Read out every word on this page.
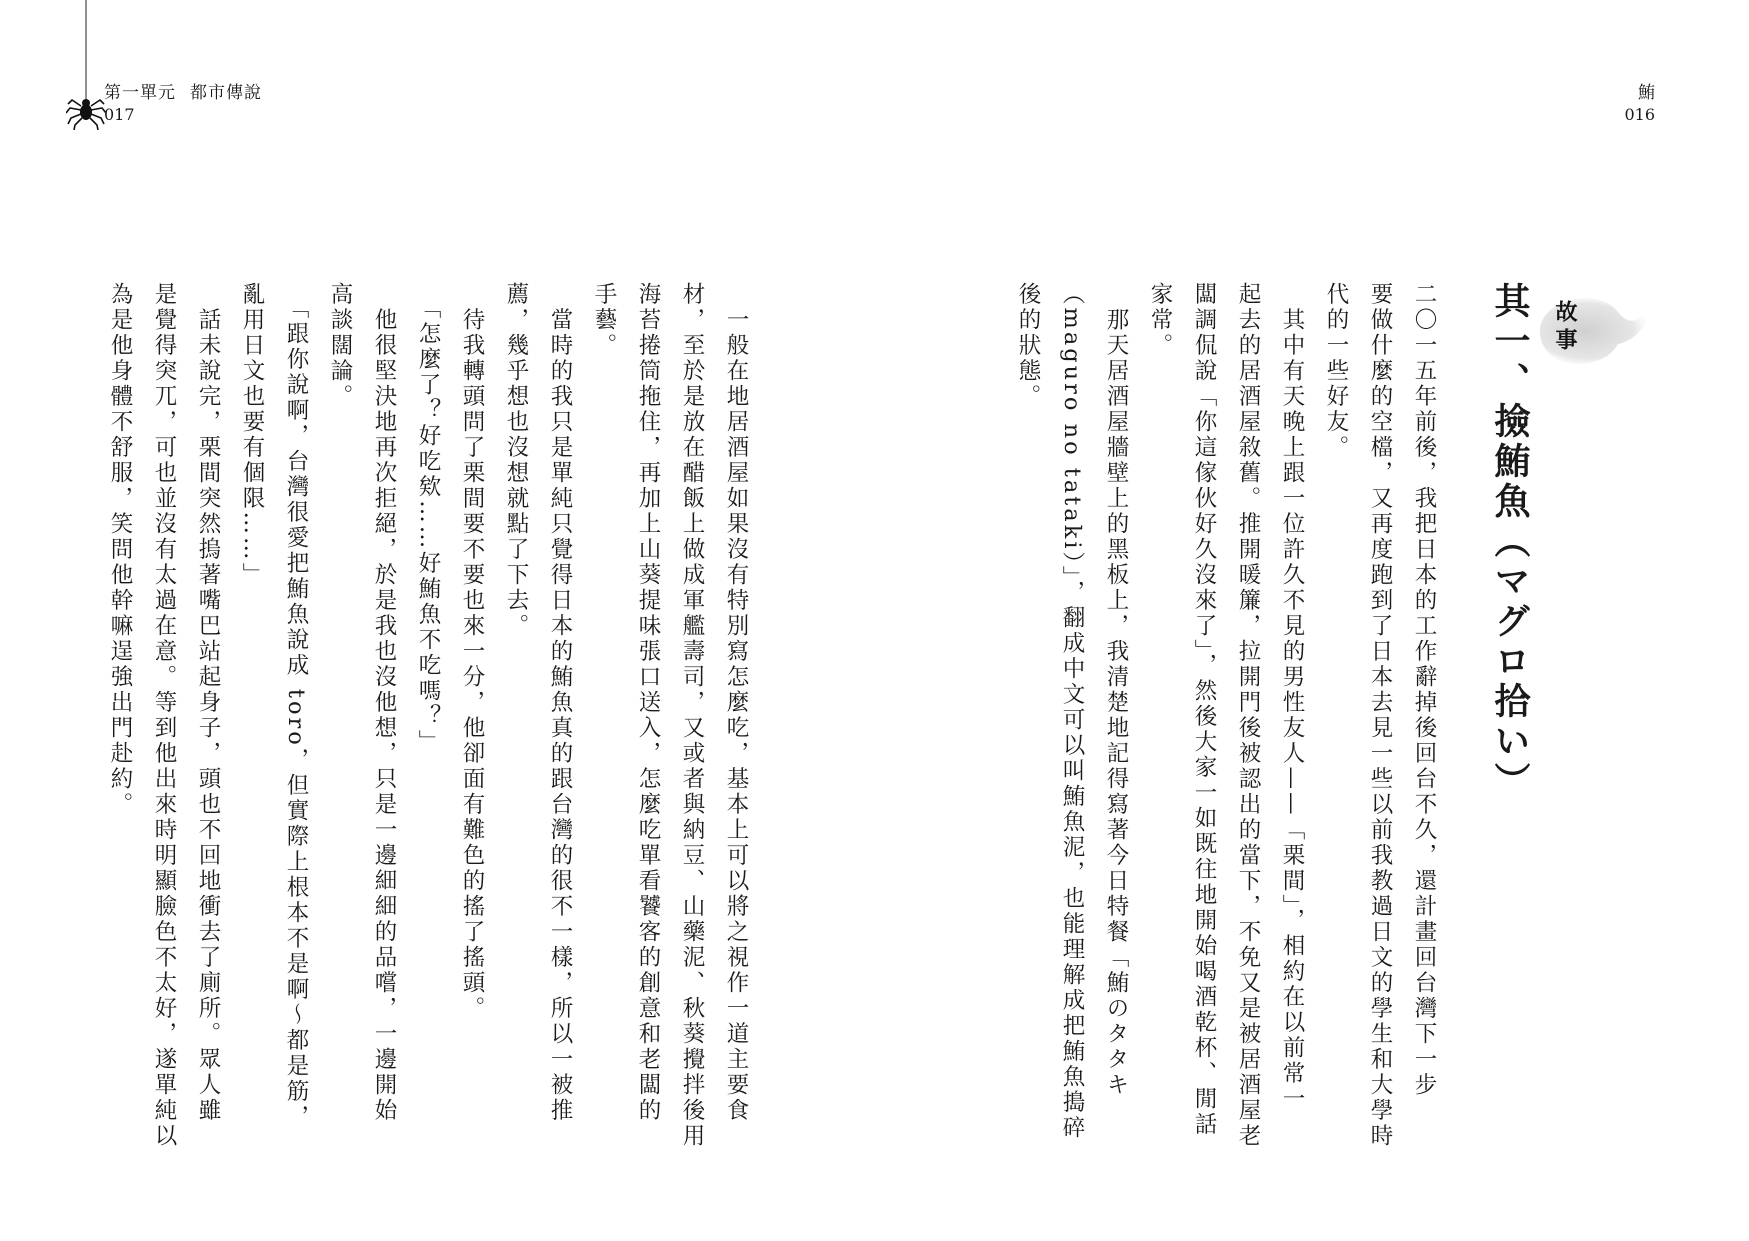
第一單元 都市傳說
017
鮪
016
故事
其一、撿鮪魚（マグロ拾い）

二〇一五年前後，我把日本的工作辭掉後回台不久，還計畫回台灣下一步

要做什麼的空檔，又再度跑到了日本去見一些以前我教過日文的學生和大學時

代的一些好友。

　其中有天晚上跟一位許久不見的男性友人——「栗間」，相約在以前常一

起去的居酒屋敘舊。推開暖簾，拉開門後被認出的當下，不免又是被居酒屋老

闆調侃說「你這傢伙好久沒來了」，然後大家一如既往地開始喝酒乾杯、閒話

家常。

　那天居酒屋牆壁上的黑板上，我清楚地記得寫著今日特餐「鮪のタタキ

（maguro no tataki）」，翻成中文可以叫鮪魚泥，也能理解成把鮪魚搗碎

後的狀態。

　一般在地居酒屋如果沒有特別寫怎麼吃，基本上可以將之視作一道主要食

材，至於是放在醋飯上做成軍艦壽司，又或者與納豆、山藥泥、秋葵攪拌後用

海苔捲筒拖住，再加上山葵提味張口送入，怎麼吃單看饕客的創意和老闆的

手藝。

　當時的我只是單純只覺得日本的鮪魚真的跟台灣的很不一樣，所以一被推

薦，幾乎想也沒想就點了下去。

　待我轉頭問了栗間要不要也來一分，他卻面有難色的搖了搖頭。

　「怎麼了？好吃欸……好鮪魚不吃嗎？」

　他很堅決地再次拒絕，於是我也沒他想，只是一邊細細的品嚐，一邊開始

高談闊論。

　「跟你說啊，台灣很愛把鮪魚說成 toro，但實際上根本不是啊～都是筋，

亂用日文也要有個限……」

　話未說完，栗間突然摀著嘴巴站起身子，頭也不回地衝去了廁所。眾人雖

是覺得突兀，可也並沒有太過在意。等到他出來時明顯臉色不太好，遂單純以

為是他身體不舒服，笑問他幹嘛逞強出門赴約。
